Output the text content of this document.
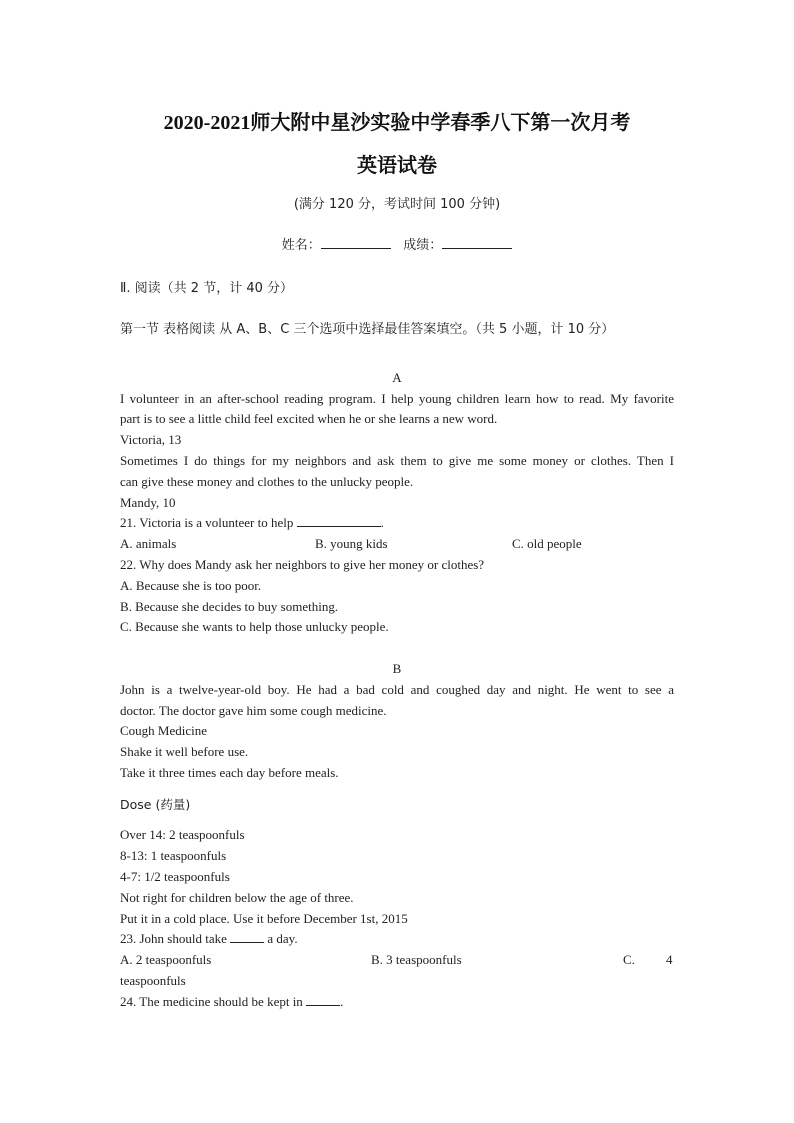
2020-2021师大附中星沙实验中学春季八下第一次月考
英语试卷
(满分 120 分，考试时间 100 分钟)
姓名：	成绩：
Ⅱ. 阅读（共 2 节，计 40 分）
第一节 表格阅读 从 A、B、C 三个选项中选择最佳答案填空。（共 5 小题，计 10 分）
A
I volunteer in an after-school reading program. I help young children learn how to read. My favorite
part is to see a little child feel excited when he or she learns a new word.
Victoria, 13
Sometimes I do things for my neighbors and ask them to give me some money or clothes. Then I
can give these money and clothes to the unlucky people.
Mandy, 10
21. Victoria is a volunteer to help	.
A. animals	B. young kids	C. old people
22. Why does Mandy ask her neighbors to give her money or clothes?
A. Because she is too poor.
B. Because she decides to buy something.
C. Because she wants to help those unlucky people.
B
John is a twelve-year-old boy. He had a bad cold and coughed day and night. He went to see a
doctor. The doctor gave him some cough medicine.
Cough Medicine
Shake it well before use.
Take it three times each day before meals.
Dose (药量)
Over 14: 2 teaspoonfuls
8-13: 1 teaspoonfuls
4-7: 1/2 teaspoonfuls
Not right for children below the age of three.
Put it in a cold place. Use it before December 1st, 2015
23. John should take	a day.
A. 2 teaspoonfuls	B. 3 teaspoonfuls	C. 4
teaspoonfuls
24. The medicine should be kept in	.
